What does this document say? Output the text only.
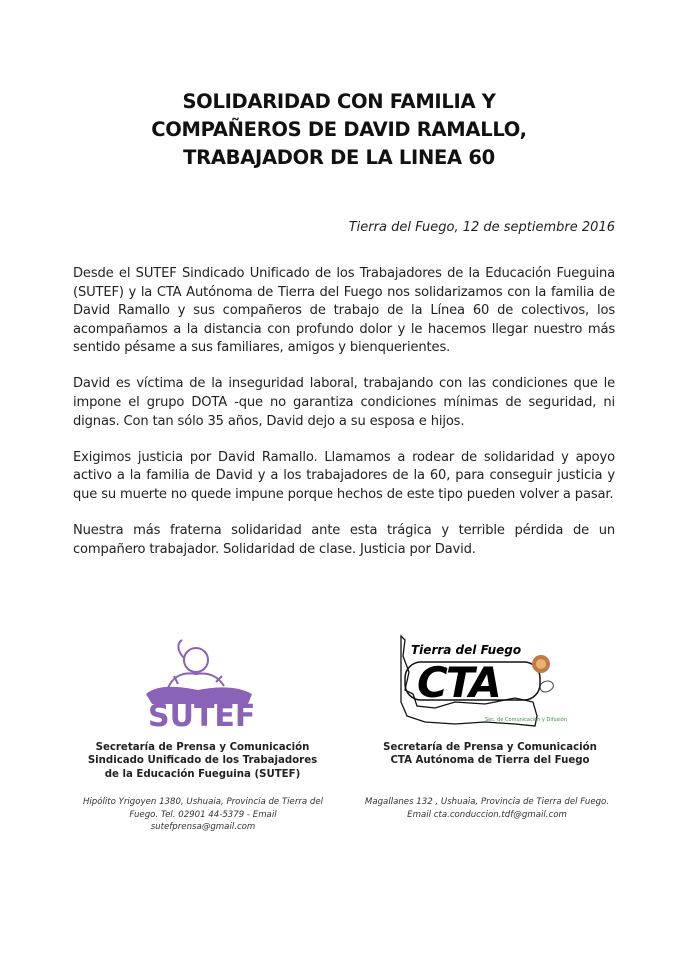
SOLIDARIDAD CON FAMILIA Y
COMPAÑEROS DE DAVID RAMALLO,
TRABAJADOR DE LA LINEA 60
Tierra del Fuego, 12 de septiembre 2016

Desde el SUTEF Sindicado Unificado de los Trabajadores de la Educación Fueguina (SUTEF) y la CTA Autónoma de Tierra del Fuego nos solidarizamos con la familia de David Ramallo y sus compañeros de trabajo de la Línea 60 de colectivos, los acompañamos a la distancia con profundo dolor y le hacemos llegar nuestro más sentido pésame a sus familiares, amigos y bienquerientes.

David es víctima de la inseguridad laboral, trabajando con las condiciones que le impone el grupo DOTA -que no garantiza condiciones mínimas de seguridad, ni dignas. Con tan sólo 35 años, David dejo a su esposa e hijos.

Exigimos justicia por David Ramallo. Llamamos a rodear de solidaridad y apoyo activo a la familia de David y a los trabajadores de la 60, para conseguir justicia y que su muerte no quede impune porque hechos de este tipo pueden volver a pasar.

Nuestra más fraterna solidaridad ante esta trágica y terrible pérdida de un compañero trabajador. Solidaridad de clase. Justicia por David.

SUTEF
Tierra del Fuego
CTA
Sec. de Comunicación y Difusión
Secretaría de Prensa y Comunicación
Sindicado Unificado de los Trabajadores
de la Educación Fueguina (SUTEF)
Secretaría de Prensa y Comunicación
CTA Autónoma de Tierra del Fuego
Hipólito Yrigoyen 1380, Ushuaia, Provincia de Tierra del
Fuego. Tel. 02901 44-5379 - Email sutefprensa@gmail.com
Magallanes 132 , Ushuaia, Provincia de Tierra del Fuego.
Email cta.conduccion.tdf@gmail.com
